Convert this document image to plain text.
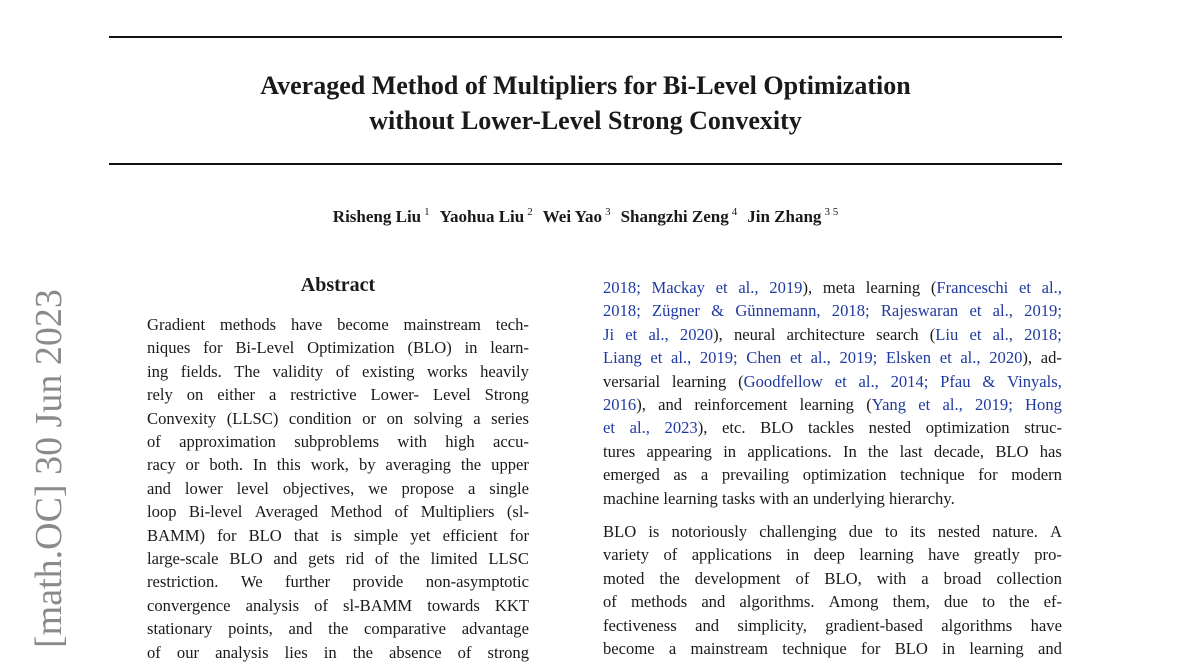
Averaged Method of Multipliers for Bi-Level Optimization
without Lower-Level Strong Convexity
Risheng Liu $^1$ Yaohua Liu $^2$ Wei Yao $^3$ Shangzhi Zeng $^4$ Jin Zhang $^{3 5}$
[math.OC] 30 Jun 2023
Abstract
Gradient methods have become mainstream tech-
niques for Bi-Level Optimization (BLO) in learn-
ing fields. The validity of existing works heavily
rely on either a restrictive Lower- Level Strong
Convexity (LLSC) condition or on solving a series
of approximation subproblems with high accu-
racy or both. In this work, by averaging the upper
and lower level objectives, we propose a single
loop Bi-level Averaged Method of Multipliers (sl-
BAMM) for BLO that is simple yet efficient for
large-scale BLO and gets rid of the limited LLSC
restriction. We further provide non-asymptotic
convergence analysis of sl-BAMM towards KKT
stationary points, and the comparative advantage
of our analysis lies in the absence of strong
2018; Mackay et al., 2019), meta learning (Franceschi et al.,
2018; Zügner & Günnemann, 2018; Rajeswaran et al., 2019;
Ji et al., 2020), neural architecture search (Liu et al., 2018;
Liang et al., 2019; Chen et al., 2019; Elsken et al., 2020), ad-
versarial learning (Goodfellow et al., 2014; Pfau & Vinyals,
2016), and reinforcement learning (Yang et al., 2019; Hong
et al., 2023), etc. BLO tackles nested optimization struc-
tures appearing in applications. In the last decade, BLO has
emerged as a prevailing optimization technique for modern
machine learning tasks with an underlying hierarchy.
BLO is notoriously challenging due to its nested nature. A
variety of applications in deep learning have greatly pro-
moted the development of BLO, with a broad collection
of methods and algorithms. Among them, due to the ef-
fectiveness and simplicity, gradient-based algorithms have
become a mainstream technique for BLO in learning and
